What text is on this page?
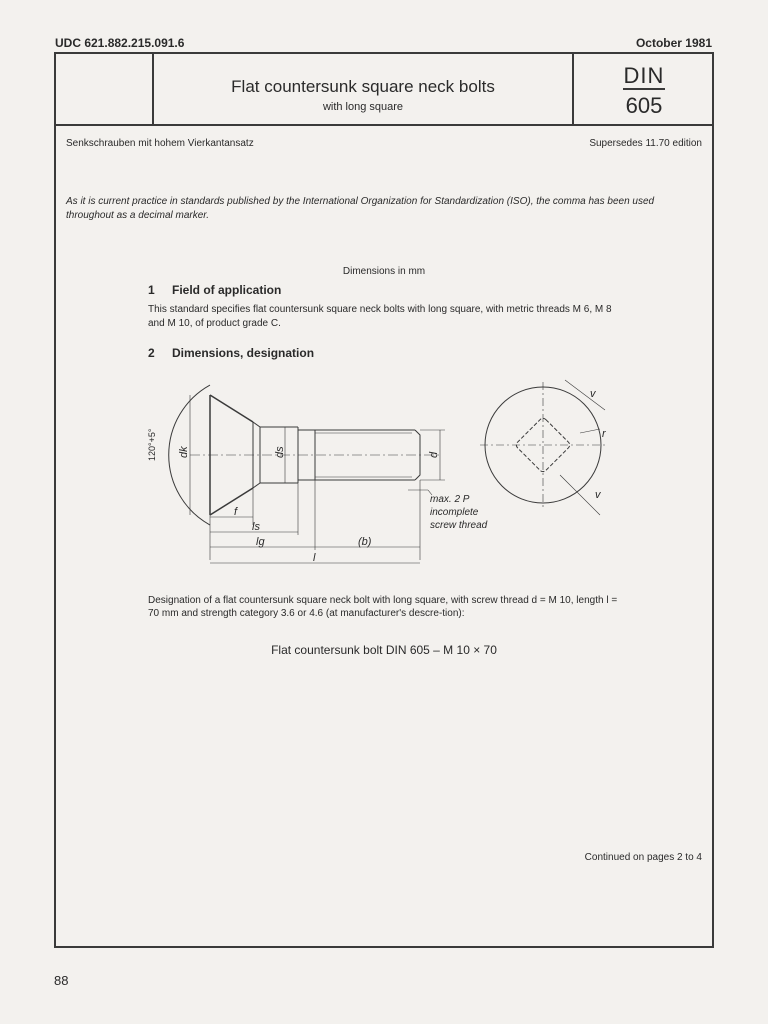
UDC 621.882.215.091.6	October 1981
Flat countersunk square neck bolts
with long square
DIN
605
Senkschrauben mit hohem Vierkantansatz	Supersedes 11.70 edition
As it is current practice in standards published by the International Organization for Standardization (ISO), the comma has been used throughout as a decimal marker.
Dimensions in mm
1 Field of application
This standard specifies flat countersunk square neck bolts with long square, with metric threads M 6, M 8 and M 10, of product grade C.
2 Dimensions, designation
120°+5° dk	ds	d
f
ls
lg	(b)
l
max. 2 P
incomplete
screw thread
v
v
r
Designation of a flat countersunk square neck bolt with long square, with screw thread d = M 10, length l = 70 mm and strength category 3.6 or 4.6 (at manufacturer's descre-tion):
Flat countersunk bolt DIN 605 – M 10 × 70
Continued on pages 2 to 4
88
